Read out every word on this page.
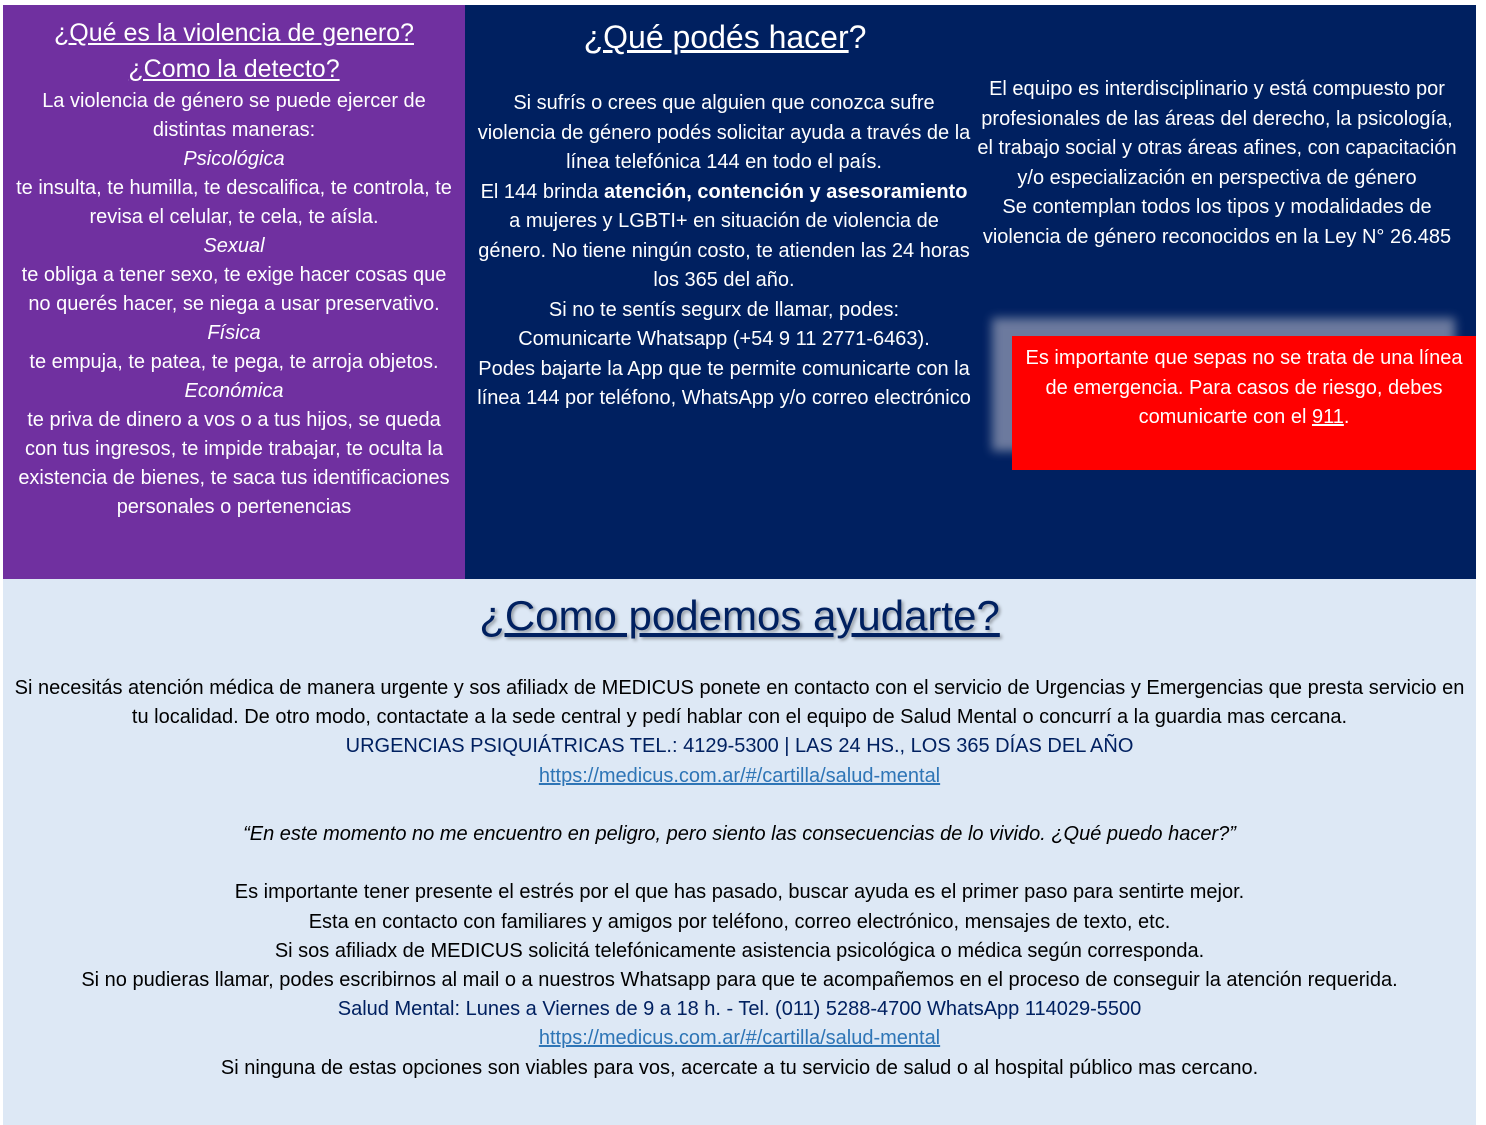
¿Qué es la violencia de genero?
¿Como la detecto?
La violencia de género se puede ejercer de distintas maneras:
Psicológica
te insulta, te humilla, te descalifica, te controla, te revisa el celular, te cela, te aísla.
Sexual
te obliga a tener sexo, te exige hacer cosas que no querés hacer, se niega a usar preservativo.
Física
te empuja, te patea, te pega, te arroja objetos.
Económica
te priva de dinero a vos o a tus hijos, se queda con tus ingresos, te impide trabajar, te oculta la existencia de bienes, te saca tus identificaciones personales o pertenencias
¿Qué podés hacer?
Si sufrís o crees que alguien que conozca sufre violencia de género podés solicitar ayuda a través de la línea telefónica 144 en todo el país.
El 144 brinda atención, contención y asesoramiento a mujeres y LGBTI+ en situación de violencia de género. No tiene ningún costo, te atienden las 24 horas los 365 del año.
Si no te sentís segurx de llamar, podes:
Comunicarte Whatsapp (+54 9 11 2771-6463).
Podes bajarte la App que te permite comunicarte con la línea 144 por teléfono, WhatsApp y/o correo electrónico
El equipo es interdisciplinario y está compuesto por profesionales de las áreas del derecho, la psicología, el trabajo social y otras áreas afines, con capacitación y/o especialización en perspectiva de género
Se contemplan todos los tipos y modalidades de violencia de género reconocidos en la Ley N° 26.485
Es importante que sepas no se trata de una línea de emergencia. Para casos de riesgo, debes comunicarte con el 911.
¿Como podemos ayudarte?
Si necesitás atención médica de manera urgente y sos afiliadx de MEDICUS ponete en contacto con el servicio de Urgencias y Emergencias que presta servicio en tu localidad. De otro modo, contactate a la sede central y pedí hablar con el equipo de Salud Mental o concurrí a la guardia mas cercana.
URGENCIAS PSIQUIÁTRICAS TEL.: 4129-5300 | LAS 24 HS., LOS 365 DÍAS DEL AÑO
https://medicus.com.ar/#/cartilla/salud-mental
“En este momento no me encuentro en peligro, pero siento las consecuencias de lo vivido. ¿Qué puedo hacer?”
Es importante tener presente el estrés por el que has pasado, buscar ayuda es el primer paso para sentirte mejor.
Esta en contacto con familiares y amigos por teléfono, correo electrónico, mensajes de texto, etc.
Si sos afiliadx de MEDICUS solicitá telefónicamente asistencia psicológica o médica según corresponda.
Si no pudieras llamar, podes escribirnos al mail o a nuestros Whatsapp para que te acompañemos en el proceso de conseguir la atención requerida.
Salud Mental: Lunes a Viernes de 9 a 18 h. - Tel. (011) 5288-4700 WhatsApp 114029-5500
https://medicus.com.ar/#/cartilla/salud-mental
Si ninguna de estas opciones son viables para vos, acercate a tu servicio de salud o al hospital público mas cercano.
